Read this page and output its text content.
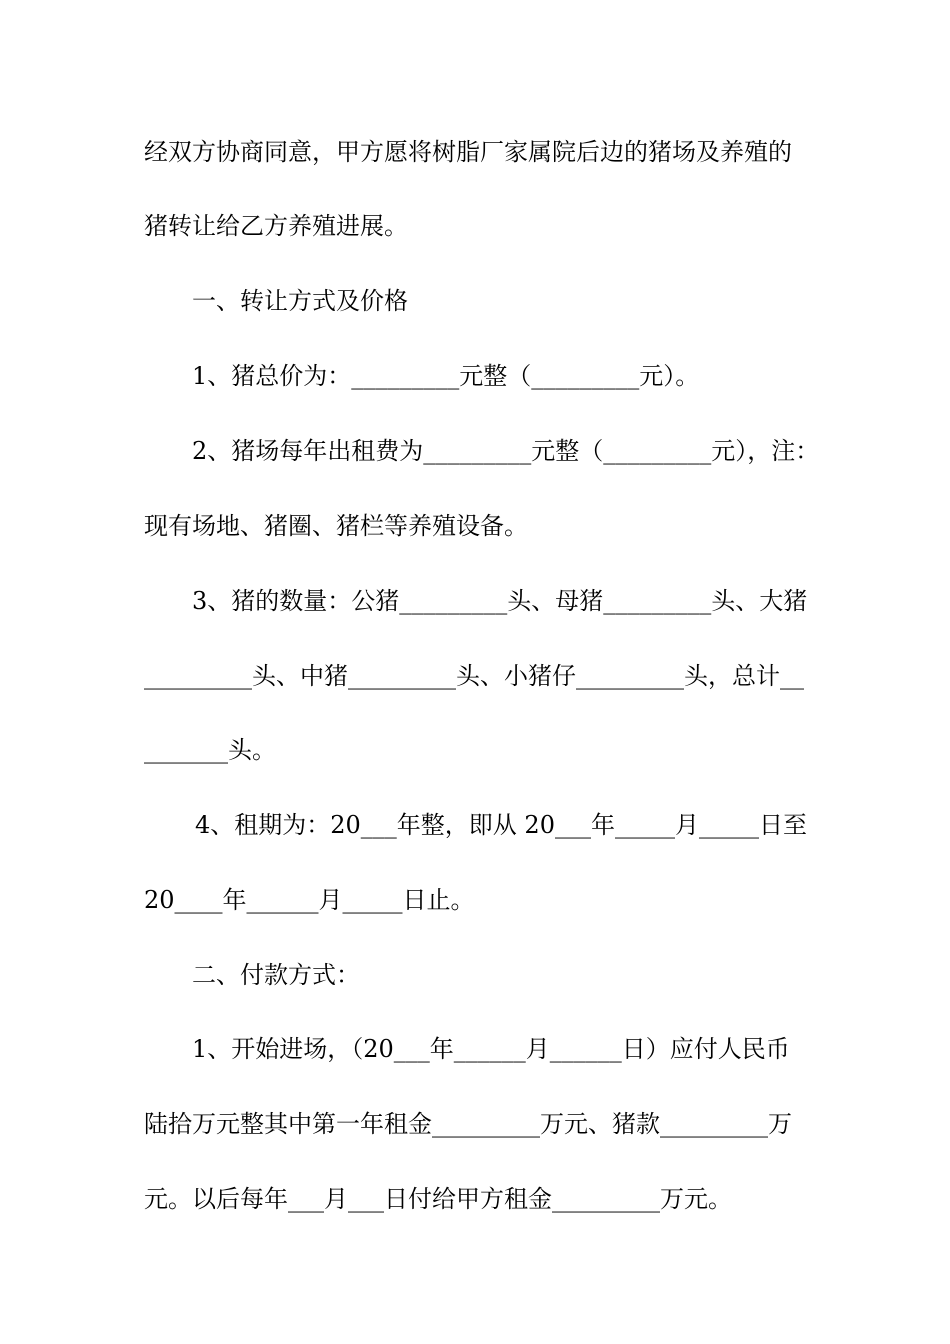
经双方协商同意，甲方愿将树脂厂家属院后边的猪场及养殖的
猪转让给乙方养殖进展。
一、转让方式及价格
1、猪总价为：_________元整（_________元）。
2、猪场每年出租费为_________元整（_________元），注：
现有场地、猪圈、猪栏等养殖设备。
3、猪的数量：公猪_________头、母猪_________头、大猪
_________头、中猪_________头、小猪仔_________头，总计__
_______头。
4、租期为：20___年整，即从 20___年_____月_____日至
20____年______月_____日止。
二、付款方式：
1、开始进场，（20___年______月______日）应付人民币
陆拾万元整其中第一年租金_________万元、猪款_________万
元。以后每年___月___日付给甲方租金_________万元。
